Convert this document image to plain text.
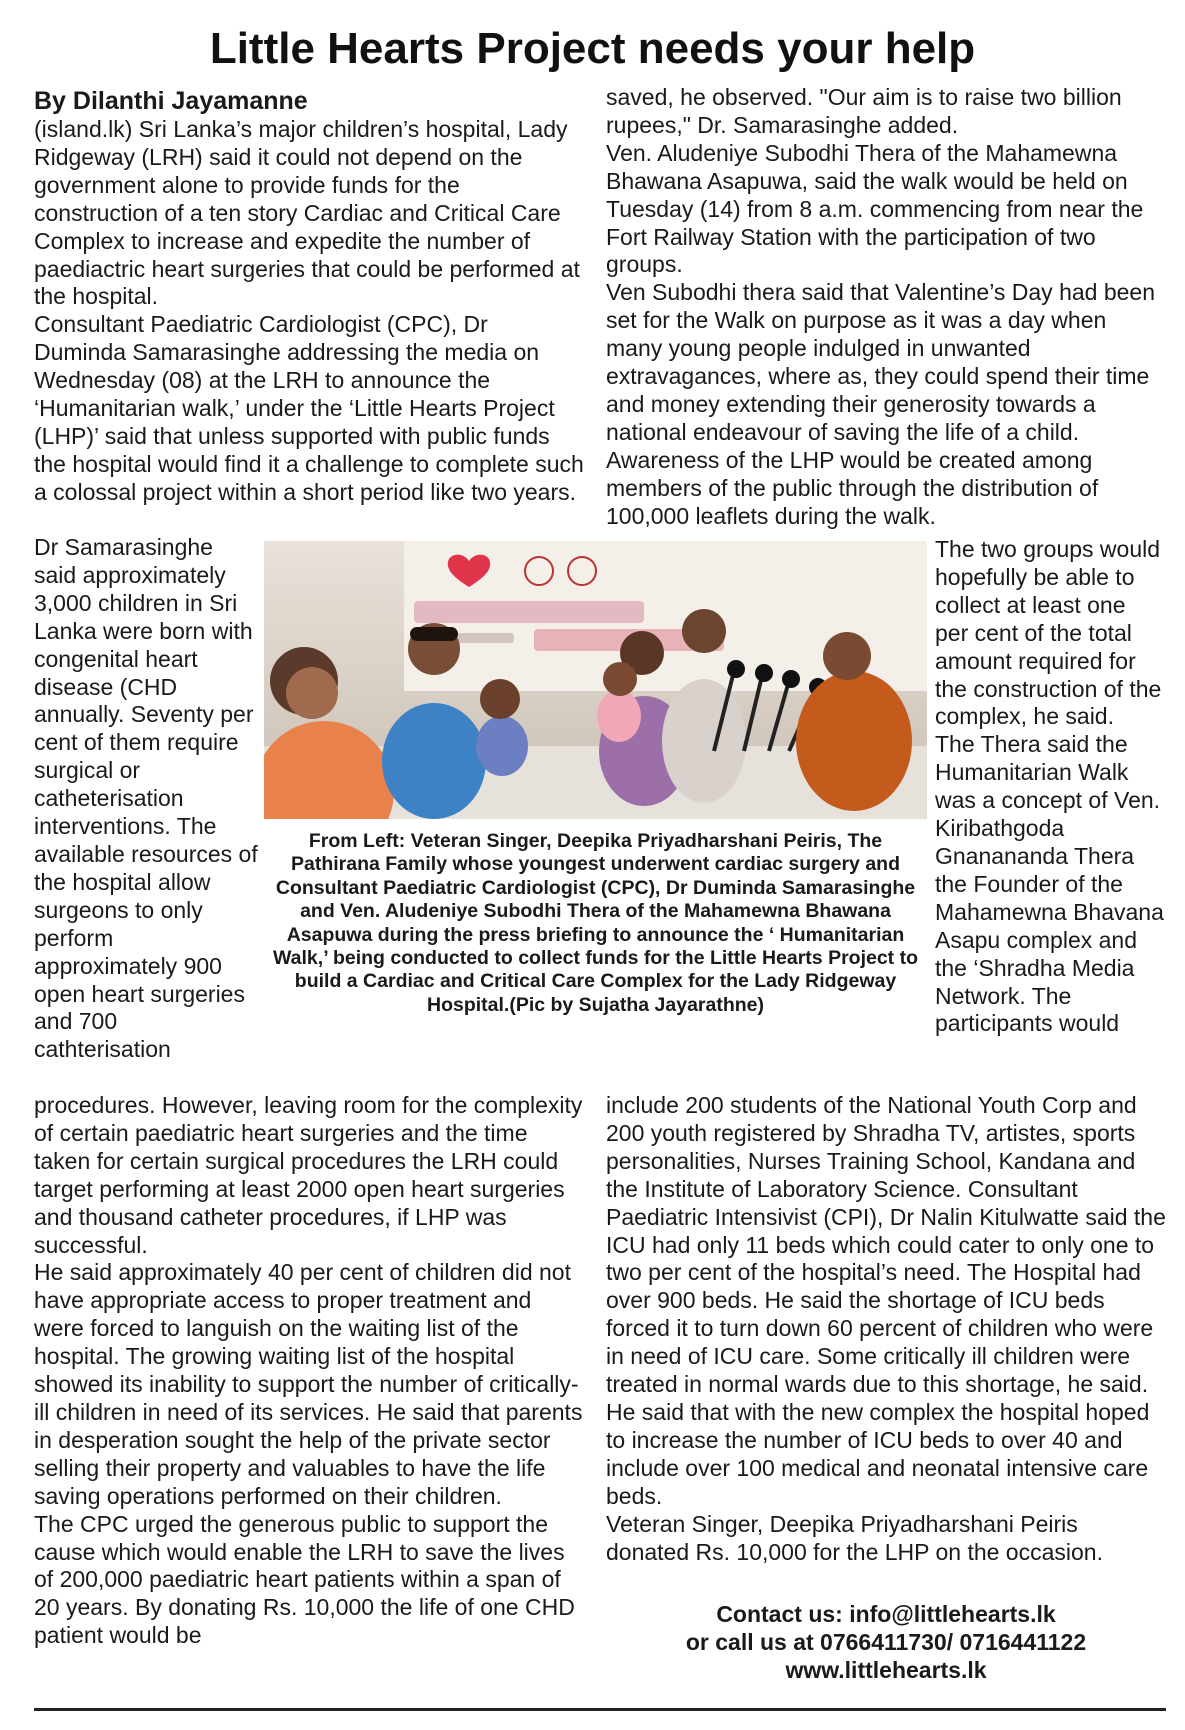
Little Hearts Project needs your help
By Dilanthi Jayamanne

(island.lk) Sri Lanka’s major children’s hospital, Lady Ridgeway (LRH) said it could not depend on the government alone to provide funds for the construction of a ten story Cardiac and Critical Care Complex to increase and expedite the number of paediactric heart surgeries that could be performed at the hospital.

Consultant Paediatric Cardiologist (CPC), Dr Duminda Samarasinghe addressing the media on Wednesday (08) at the LRH to announce the ‘Humanitarian walk,’ under the ‘Little Hearts Project (LHP)’ said that unless supported with public funds the hospital would find it a challenge to complete such a colossal project within a short period like two years.

Dr Samarasinghe said approximately 3,000 children in Sri Lanka were born with congenital heart disease (CHD annually. Seventy per cent of them require surgical or catheterisation interventions. The available resources of the hospital allow surgeons to only perform approximately 900 open heart surgeries and 700 cathterisation

procedures. However, leaving room for the complexity of certain paediatric heart surgeries and the time taken for certain surgical procedures the LRH could target performing at least 2000 open heart surgeries and thousand catheter procedures, if LHP was successful.

He said approximately 40 per cent of children did not have appropriate access to proper treatment and were forced to languish on the waiting list of the hospital. The growing waiting list of the hospital showed its inability to support the number of critically-ill children in need of its services. He said that parents in desperation sought the help of the private sector selling their property and valuables to have the life saving operations performed on their children.

The CPC urged the generous public to support the cause which would enable the LRH to save the lives of 200,000 paediatric heart patients within a span of 20 years. By donating Rs. 10,000 the life of one CHD patient would be

saved, he observed. "Our aim is to raise two billion rupees," Dr. Samarasinghe added.

Ven. Aludeniye Subodhi Thera of the Mahamewna Bhawana Asapuwa, said the walk would be held on Tuesday (14) from 8 a.m. commencing from near the Fort Railway Station with the participation of two groups.

Ven Subodhi thera said that Valentine’s Day had been set for the Walk on purpose as it was a day when many young people indulged in unwanted extravagances, where as, they could spend their time and money extending their generosity towards a national endeavour of saving the life of a child. Awareness of the LHP would be created among members of the public through the distribution of 100,000 leaflets during the walk.

The two groups would hopefully be able to collect at least one per cent of the total amount required for the construction of the complex, he said.

The Thera said the Humanitarian Walk was a concept of Ven. Kiribathgoda Gnanananda Thera the Founder of the Mahamewna Bhavana Asapu complex and the ‘Shradha Media Network. The participants would

include 200 students of the National Youth Corp and 200 youth registered by Shradha TV, artistes, sports personalities, Nurses Training School, Kandana and the Institute of Laboratory Science. Consultant Paediatric Intensivist (CPI), Dr Nalin Kitulwatte said the ICU had only 11 beds which could cater to only one to two per cent of the hospital’s need. The Hospital had over 900 beds. He said the shortage of ICU beds forced it to turn down 60 percent of children who were in need of ICU care. Some critically ill children were treated in normal wards due to this shortage, he said. He said that with the new complex the hospital hoped to increase the number of ICU beds to over 40 and include over 100 medical and neonatal intensive care beds.

Veteran Singer, Deepika Priyadharshani Peiris donated Rs. 10,000 for the LHP on the occasion.

From Left: Veteran Singer, Deepika Priyadharshani Peiris, The Pathirana Family whose youngest underwent cardiac surgery and Consultant Paediatric Cardiologist (CPC), Dr Duminda Samarasinghe and Ven. Aludeniye Subodhi Thera of the Mahamewna Bhawana Asapuwa during the press briefing to announce the ‘ Humanitarian Walk,’ being conducted to collect funds for the Little Hearts Project to build a Cardiac and Critical Care Complex for the Lady Ridgeway Hospital.(Pic by Sujatha Jayarathne)
Contact us: info@littlehearts.lk
or call us at 0766411730/ 0716441122
www.littlehearts.lk
